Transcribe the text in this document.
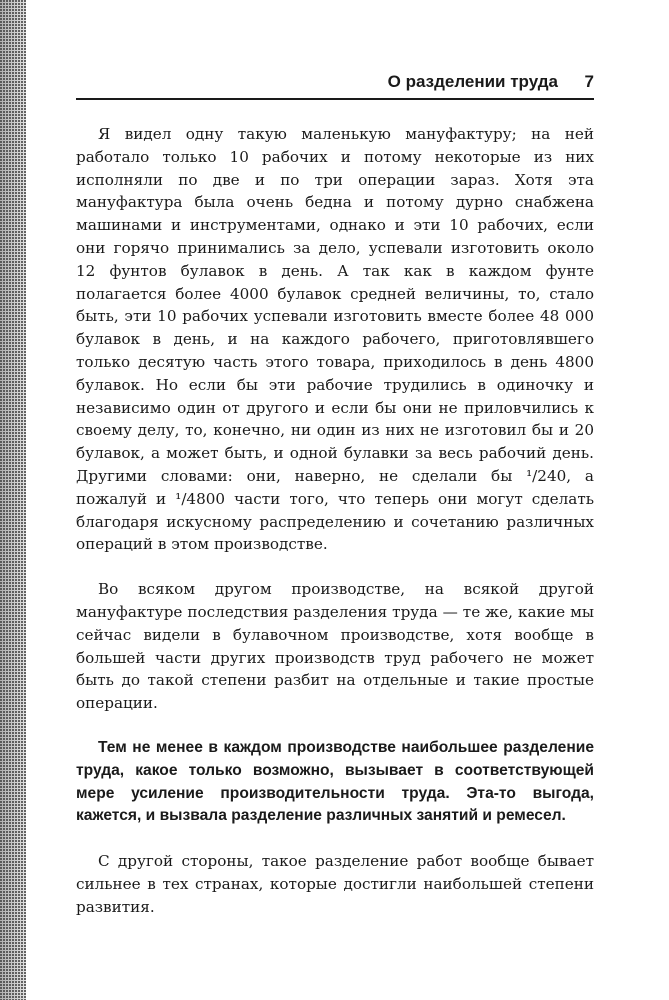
О разделении труда 7

Я видел одну такую маленькую мануфактуру; на ней работало только 10 рабочих и потому некоторые из них исполняли по две и по три операции зараз. Хотя эта мануфактура была очень бедна и потому дурно снабжена машинами и инструментами, однако и эти 10 рабочих, если они горячо принимались за дело, успевали изготовить около 12 фунтов булавок в день. А так как в каждом фунте полагается более 4000 булавок средней величины, то, стало быть, эти 10 рабочих успевали изготовить вместе более 48 000 булавок в день, и на каждого рабочего, приготовлявшего только десятую часть этого товара, приходилось в день 4800 булавок. Но если бы эти рабочие трудились в одиночку и независимо один от другого и если бы они не приловчились к своему делу, то, конечно, ни один из них не изготовил бы и 20 булавок, а может быть, и одной булавки за весь рабочий день. Другими словами: они, наверно, не сделали бы ¹/240, а пожалуй и ¹/4800 части того, что теперь они могут сделать благодаря искусному распределению и сочетанию различных операций в этом производстве.

Во всяком другом производстве, на всякой другой мануфактуре последствия разделения труда — те же, какие мы сейчас видели в булавочном производстве, хотя вообще в большей части других производств труд рабочего не может быть до такой степени разбит на отдельные и такие простые операции.

Тем не менее в каждом производстве наибольшее разделение труда, какое только возможно, вызывает в соответствующей мере усиление производительности труда. Эта-то выгода, кажется, и вызвала разделение различных занятий и ремесел.

С другой стороны, такое разделение работ вообще бывает сильнее в тех странах, которые достигли наибольшей степени развития.
